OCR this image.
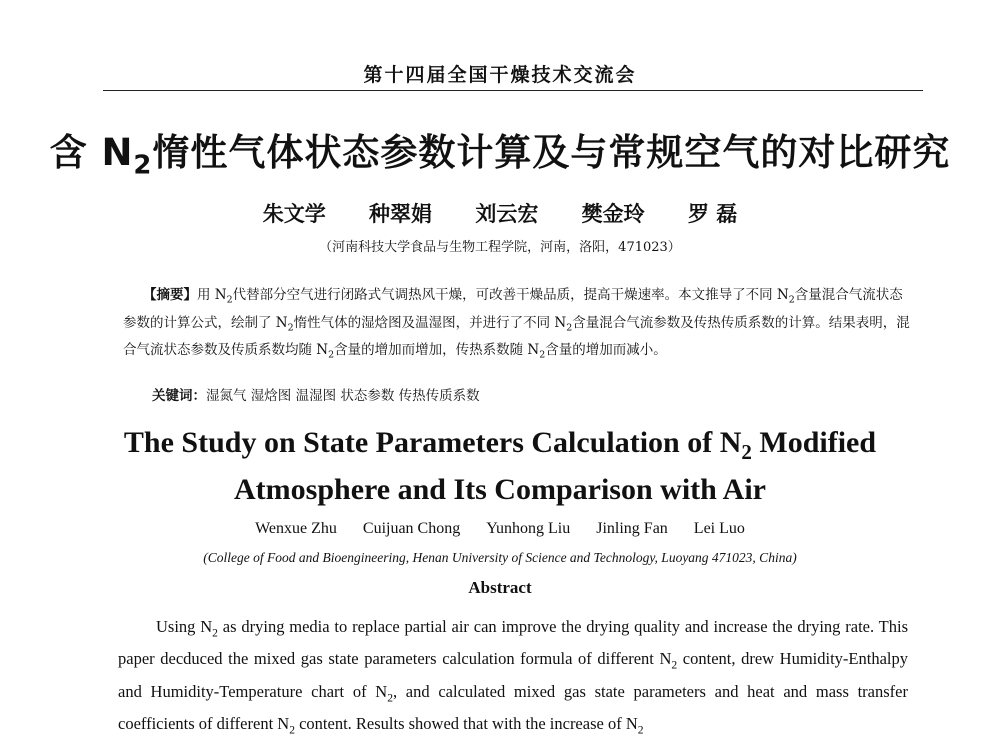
第十四届全国干燥技术交流会
含 $N_2$惰性气体状态参数计算及与常规空气的对比研究
朱文学 种翠娟 刘云宏 樊金玲 罗 磊
（河南科技大学食品与生物工程学院，河南，洛阳，471023）
【摘要】用 $N_2$代替部分空气进行闭路式气调热风干燥，可改善干燥品质，提高干燥速率。本文推导了不同 $N_2$含量混合气流状态参数的计算公式，绘制了 $N_2$惰性气体的湿焓图及温湿图，并进行了不同 $N_2$含量混合气流参数及传热传质系数的计算。结果表明，混合气流状态参数及传质系数均随 $N_2$含量的增加而增加，传热系数随 $N_2$含量的增加而减小。
关键词：湿氮气 湿焓图 温湿图 状态参数 传热传质系数
The Study on State Parameters Calculation of $N_2$ Modified
Atmosphere and Its Comparison with Air
Wenxue Zhu Cuijuan Chong Yunhong Liu Jinling Fan Lei Luo
(College of Food and Bioengineering, Henan University of Science and Technology, Luoyang 471023, China)
Abstract
Using $N_2$ as drying media to replace partial air can improve the drying quality and increase the drying rate. This paper decduced the mixed gas state parameters calculation formula of different $N_2$ content, drew Humidity-Enthalpy and Humidity-Temperature chart of $N_2$, and calculated mixed gas state parameters and heat and mass transfer coefficients of different $N_2$ content. Results showed that with the increase of $N_2$
